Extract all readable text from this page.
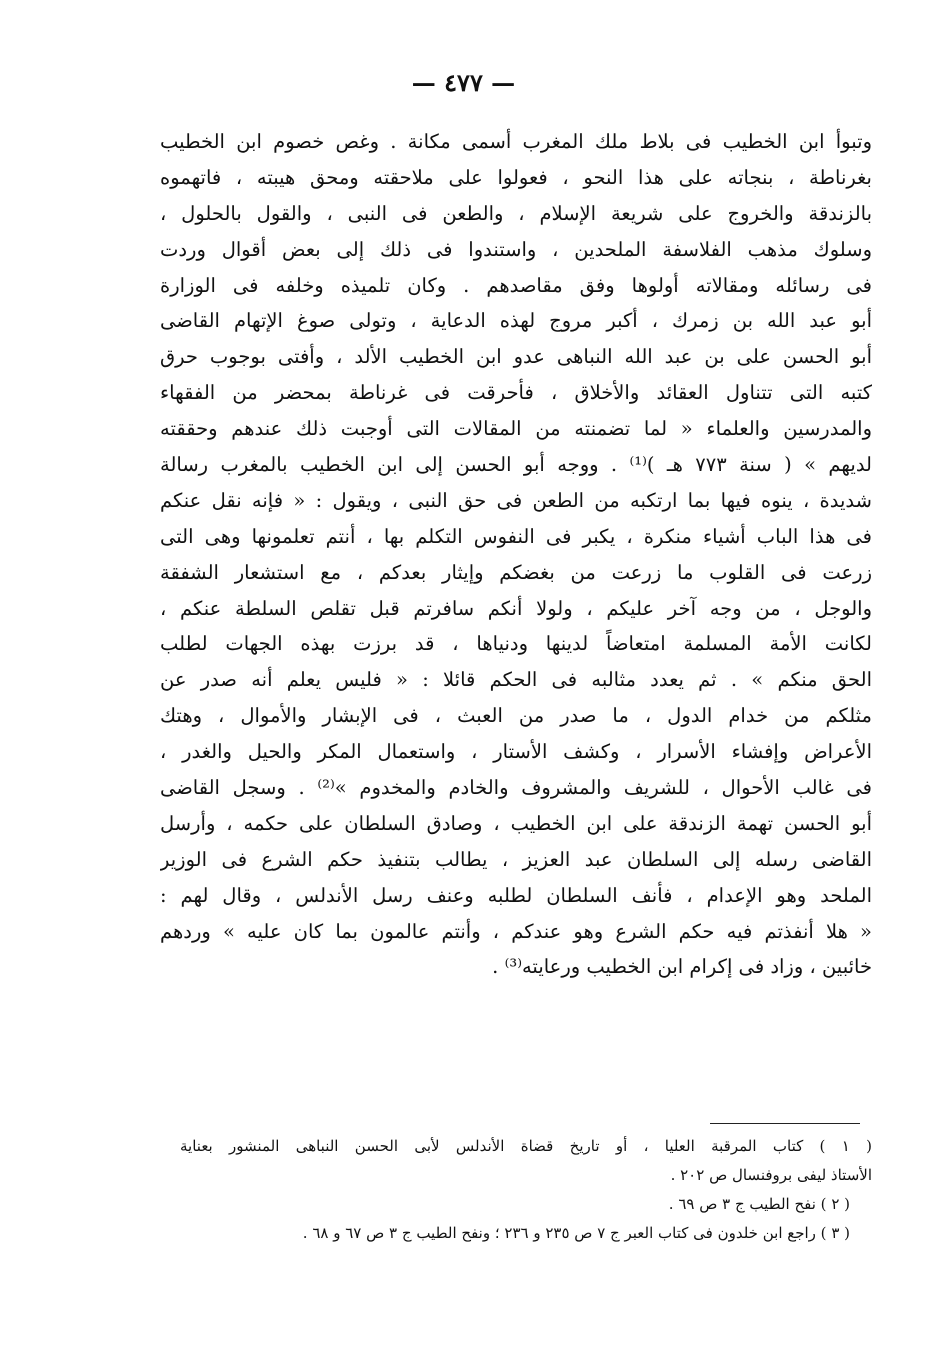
— ٤٧٧ —
وتبوأ ابن الخطيب فى بلاط ملك المغرب أسمى مكانة . وغص خصوم ابن الخطيب
بغرناطة ، بنجاته على هذا النحو ، فعولوا على ملاحقته ومحق هيبته ، فاتهموه
بالزندقة والخروج على شريعة الإسلام ، والطعن فى النبى ، والقول بالحلول ،
وسلوك مذهب الفلاسفة الملحدين ، واستندوا فى ذلك إلى بعض أقوال وردت
فى رسائله ومقالاته أولوها وفق مقاصدهم . وكان تلميذه وخلفه فى الوزارة
أبو عبد الله بن زمرك ، أكبر مروج لهذه الدعاية ، وتولى صوغ الإتهام القاضى
أبو الحسن على بن عبد الله النباهى عدو ابن الخطيب الألد ، وأفتى بوجوب حرق
كتبه التى تتناول العقائد والأخلاق ، فأحرقت فى غرناطة بمحضر من الفقهاء
والمدرسين والعلماء « لما تضمنته من المقالات التى أوجبت ذلك عندهم وحققته
لديهم » ( سنة ٧٧٣ هـ )⁽¹⁾ . ووجه أبو الحسن إلى ابن الخطيب بالمغرب رسالة
شديدة ، ينوه فيها بما ارتكبه من الطعن فى حق النبى ، ويقول : « فإنه نقل عنكم
فى هذا الباب أشياء منكرة ، يكبر فى النفوس التكلم بها ، أنتم تعلمونها وهى التى
زرعت فى القلوب ما زرعت من بغضكم وإيثار بعدكم ، مع استشعار الشفقة
والوجل ، من وجه آخر عليكم ، ولولا أنكم سافرتم قبل تقلص السلطة عنكم ،
لكانت الأمة المسلمة امتعاضاً لدينها ودنياها ، قد برزت بهذه الجهات لطلب
الحق منكم » . ثم يعدد مثالبه فى الحكم قائلا : « فليس يعلم أنه صدر عن
مثلكم من خدام الدول ، ما صدر من العبث ، فى الإبشار والأموال ، وهتك
الأعراض وإفشاء الأسرار ، وكشف الأستار ، واستعمال المكر والحيل والغدر ،
فى غالب الأحوال ، للشريف والمشروف والخادم والمخدوم »⁽²⁾ . وسجل القاضى
أبو الحسن تهمة الزندقة على ابن الخطيب ، وصادق السلطان على حكمه ، وأرسل
القاضى رسله إلى السلطان عبد العزيز ، يطالب بتنفيذ حكم الشرع فى الوزير
الملحد وهو الإعدام ، فأنف السلطان لطلبه وعنف رسل الأندلس ، وقال لهم :
« هلا أنفذتم فيه حكم الشرع وهو عندكم ، وأنتم عالمون بما كان عليه » وردهم
خائبين ، وزاد فى إكرام ابن الخطيب ورعايته⁽³⁾ .
( ١ ) كتاب المرقبة العليا ، أو تاريخ قضاة الأندلس لأبى الحسن النباهى المنشور بعناية
الأستاذ ليفى بروفنسال ص ٢٠٢ .
( ٢ ) نفح الطيب ج ٣ ص ٦٩ .
( ٣ ) راجع ابن خلدون فى كتاب العبر ج ٧ ص ٢٣٥ و ٢٣٦ ؛ ونفح الطيب ج ٣ ص ٦٧ و ٦٨ .
